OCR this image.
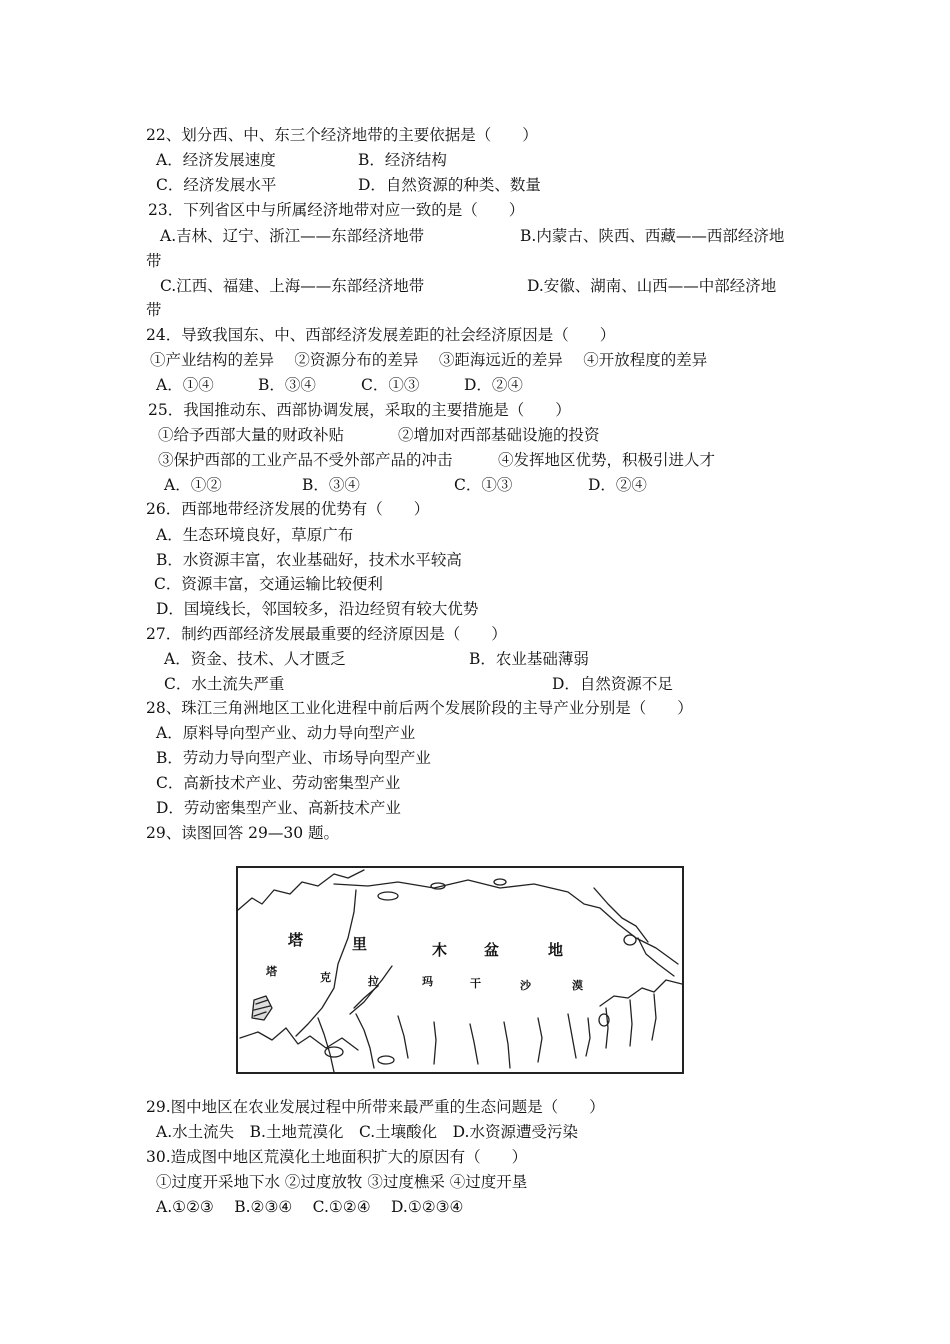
22、划分西、中、东三个经济地带的主要依据是（　　）
A．经济发展速度	B．经济结构
C．经济发展水平	D．自然资源的种类、数量
23．下列省区中与所属经济地带对应一致的是（　　）
A.吉林、辽宁、浙江——东部经济地带	B.内蒙古、陕西、西藏——西部经济地
带
C.江西、福建、上海——东部经济地带	D.安徽、湖南、山西——中部经济地
带
24．导致我国东、中、西部经济发展差距的社会经济原因是（　　）
①产业结构的差异　 ②资源分布的差异　 ③距海远近的差异　 ④开放程度的差异
A．①④	B．③④	C．①③	D．②④
25．我国推动东、西部协调发展，采取的主要措施是（　　）
①给予西部大量的财政补贴	②增加对西部基础设施的投资
③保护西部的工业产品不受外部产品的冲击	④发挥地区优势，积极引进人才
A．①②	B．③④	C．①③	D．②④
26．西部地带经济发展的优势有（　　）
A．生态环境良好，草原广布
B．水资源丰富，农业基础好，技术水平较高
C．资源丰富，交通运输比较便利
D．国境线长，邻国较多，沿边经贸有较大优势
27．制约西部经济发展最重要的经济原因是（　　）
A．资金、技术、人才匮乏	B．农业基础薄弱
C．水土流失严重	D．自然资源不足
28、珠江三角洲地区工业化进程中前后两个发展阶段的主导产业分别是（　　）
A．原料导向型产业、动力导向型产业
B．劳动力导向型产业、市场导向型产业
C．高新技术产业、劳动密集型产业
D．劳动密集型产业、高新技术产业
29、读图回答 29—30 题。
塔	里	木 盆	地
塔	克	拉	玛	干	沙	漠
29.图中地区在农业发展过程中所带来最严重的生态问题是（　　）
A.水土流失　B.土地荒漠化　C.土壤酸化　D.水资源遭受污染
30.造成图中地区荒漠化土地面积扩大的原因有（　　）
①过度开采地下水 ②过度放牧 ③过度樵采 ④过度开垦
A.①②③　 B.②③④　 C.①②④　 D.①②③④
